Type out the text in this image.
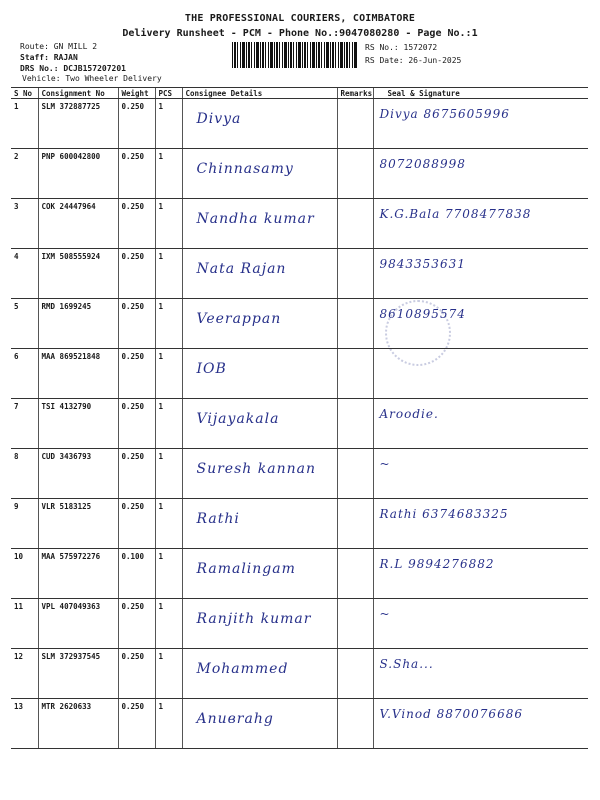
THE PROFESSIONAL COURIERS, COIMBATORE
Delivery Runsheet - PCM - Phone No.:9047080280 - Page No.:1
Route: GN MILL 2
Staff: RAJAN
DRS No.: DCJB157207201
Vehicle: Two Wheeler Delivery
RS No.: 1572072
RS Date: 26-Jun-2025
S No	Consignment No	Weight	PCS	Consignee Details	Remarks	Seal & Signature
1	SLM 372887725	0.250	1	Divya		Divya 8675605996
2	PNP 600042800	0.250	1	Chinnasamy		8072088998
3	COK 24447964	0.250	1	Nandha kumar		K.G.Bala 7708477838
4	IXM 508555924	0.250	1	Nata Rajan		9843353631
5	RMD 1699245	0.250	1	Veerappan		8610895574
6	MAA 869521848	0.250	1	IOB		
7	TSI 4132790	0.250	1	Vijayakala		Aroodie.
8	CUD 3436793	0.250	1	Suresh kannan		~
9	VLR 5183125	0.250	1	Rathi		Rathi 6374683325
10	MAA 575972276	0.100	1	Ramalingam		R.L 9894276882
11	VPL 407049363	0.250	1	Ranjith kumar		~
12	SLM 372937545	0.250	1	Mohammed		S.Sha...
13	MTR 2620633	0.250	1	Anuвrahg		V.Vinod 8870076686
